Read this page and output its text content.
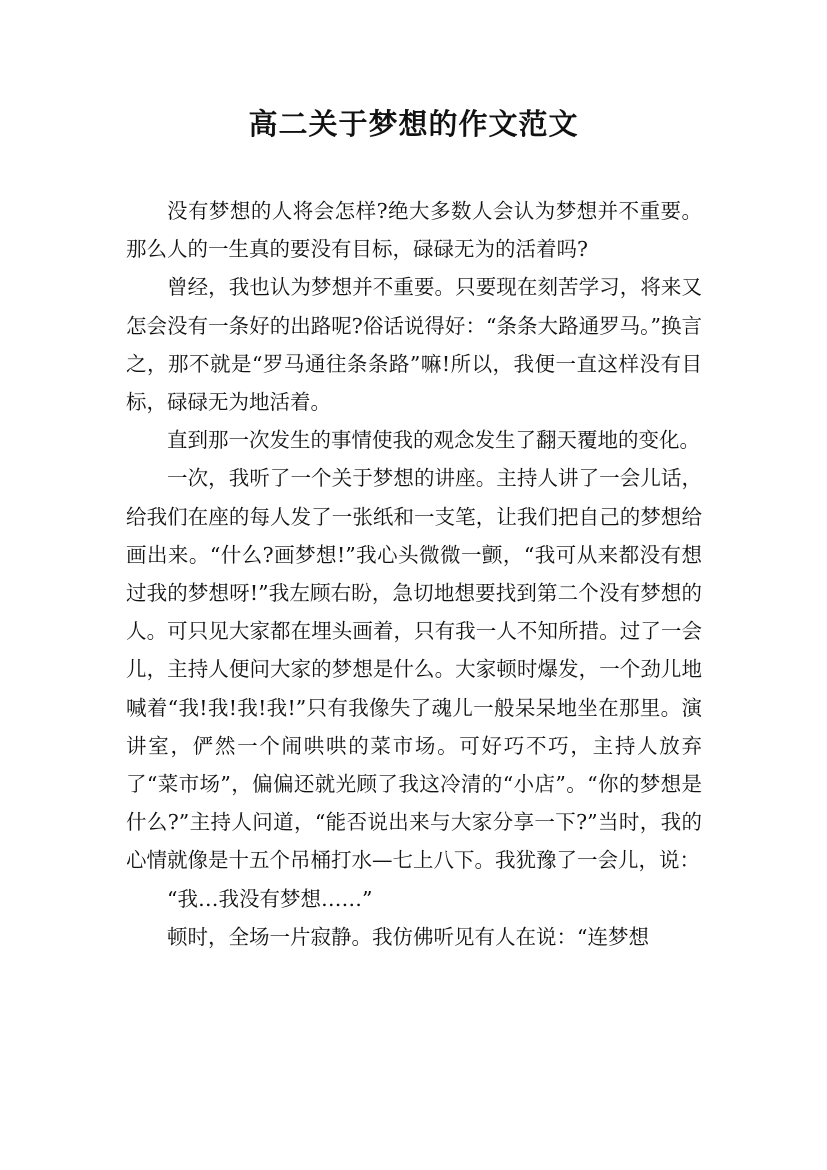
高二关于梦想的作文范文

没有梦想的人将会怎样?绝大多数人会认为梦想并不重要。那么人的一生真的要没有目标，碌碌无为的活着吗?

曾经，我也认为梦想并不重要。只要现在刻苦学习，将来又怎会没有一条好的出路呢?俗话说得好：“条条大路通罗马。”换言之，那不就是“罗马通往条条路”嘛!所以，我便一直这样没有目标，碌碌无为地活着。

直到那一次发生的事情使我的观念发生了翻天覆地的变化。

一次，我听了一个关于梦想的讲座。主持人讲了一会儿话，给我们在座的每人发了一张纸和一支笔，让我们把自己的梦想给画出来。“什么?画梦想!”我心头微微一颤，“我可从来都没有想过我的梦想呀!”我左顾右盼，急切地想要找到第二个没有梦想的人。可只见大家都在埋头画着，只有我一人不知所措。过了一会儿，主持人便问大家的梦想是什么。大家顿时爆发，一个劲儿地喊着“我!我!我!我!”只有我像失了魂儿一般呆呆地坐在那里。演讲室，俨然一个闹哄哄的菜市场。可好巧不巧，主持人放弃了“菜市场”，偏偏还就光顾了我这冷清的“小店”。“你的梦想是什么?”主持人问道，“能否说出来与大家分享一下?”当时，我的心情就像是十五个吊桶打水—七上八下。我犹豫了一会儿，说：

“我…我没有梦想……”

顿时，全场一片寂静。我仿佛听见有人在说：“连梦想
